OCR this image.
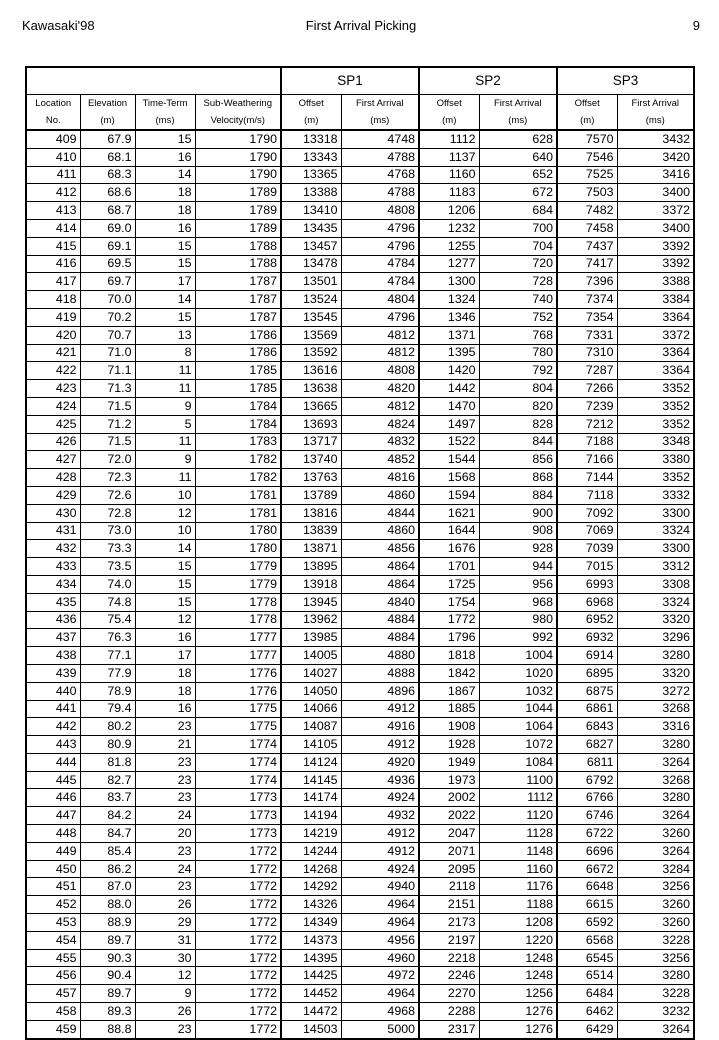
Kawasaki'98	First Arrival Picking	9
				SP1		SP2		SP3	
Location	Elevation	Time-Term	Sub-Weathering	Offset	First Arrival	Offset	First Arrival	Offset	First Arrival
No.	(m)	(ms)	Velocity(m/s)	(m)	(ms)	(m)	(ms)	(m)	(ms)
409	67.9	15	1790	13318	4748	1112	628	7570	3432
410	68.1	16	1790	13343	4788	1137	640	7546	3420
411	68.3	14	1790	13365	4768	1160	652	7525	3416
412	68.6	18	1789	13388	4788	1183	672	7503	3400
413	68.7	18	1789	13410	4808	1206	684	7482	3372
414	69.0	16	1789	13435	4796	1232	700	7458	3400
415	69.1	15	1788	13457	4796	1255	704	7437	3392
416	69.5	15	1788	13478	4784	1277	720	7417	3392
417	69.7	17	1787	13501	4784	1300	728	7396	3388
418	70.0	14	1787	13524	4804	1324	740	7374	3384
419	70.2	15	1787	13545	4796	1346	752	7354	3364
420	70.7	13	1786	13569	4812	1371	768	7331	3372
421	71.0	8	1786	13592	4812	1395	780	7310	3364
422	71.1	11	1785	13616	4808	1420	792	7287	3364
423	71.3	11	1785	13638	4820	1442	804	7266	3352
424	71.5	9	1784	13665	4812	1470	820	7239	3352
425	71.2	5	1784	13693	4824	1497	828	7212	3352
426	71.5	11	1783	13717	4832	1522	844	7188	3348
427	72.0	9	1782	13740	4852	1544	856	7166	3380
428	72.3	11	1782	13763	4816	1568	868	7144	3352
429	72.6	10	1781	13789	4860	1594	884	7118	3332
430	72.8	12	1781	13816	4844	1621	900	7092	3300
431	73.0	10	1780	13839	4860	1644	908	7069	3324
432	73.3	14	1780	13871	4856	1676	928	7039	3300
433	73.5	15	1779	13895	4864	1701	944	7015	3312
434	74.0	15	1779	13918	4864	1725	956	6993	3308
435	74.8	15	1778	13945	4840	1754	968	6968	3324
436	75.4	12	1778	13962	4884	1772	980	6952	3320
437	76.3	16	1777	13985	4884	1796	992	6932	3296
438	77.1	17	1777	14005	4880	1818	1004	6914	3280
439	77.9	18	1776	14027	4888	1842	1020	6895	3320
440	78.9	18	1776	14050	4896	1867	1032	6875	3272
441	79.4	16	1775	14066	4912	1885	1044	6861	3268
442	80.2	23	1775	14087	4916	1908	1064	6843	3316
443	80.9	21	1774	14105	4912	1928	1072	6827	3280
444	81.8	23	1774	14124	4920	1949	1084	6811	3264
445	82.7	23	1774	14145	4936	1973	1100	6792	3268
446	83.7	23	1773	14174	4924	2002	1112	6766	3280
447	84.2	24	1773	14194	4932	2022	1120	6746	3264
448	84.7	20	1773	14219	4912	2047	1128	6722	3260
449	85.4	23	1772	14244	4912	2071	1148	6696	3264
450	86.2	24	1772	14268	4924	2095	1160	6672	3284
451	87.0	23	1772	14292	4940	2118	1176	6648	3256
452	88.0	26	1772	14326	4964	2151	1188	6615	3260
453	88.9	29	1772	14349	4964	2173	1208	6592	3260
454	89.7	31	1772	14373	4956	2197	1220	6568	3228
455	90.3	30	1772	14395	4960	2218	1248	6545	3256
456	90.4	12	1772	14425	4972	2246	1248	6514	3280
457	89.7	9	1772	14452	4964	2270	1256	6484	3228
458	89.3	26	1772	14472	4968	2288	1276	6462	3232
459	88.8	23	1772	14503	5000	2317	1276	6429	3264
